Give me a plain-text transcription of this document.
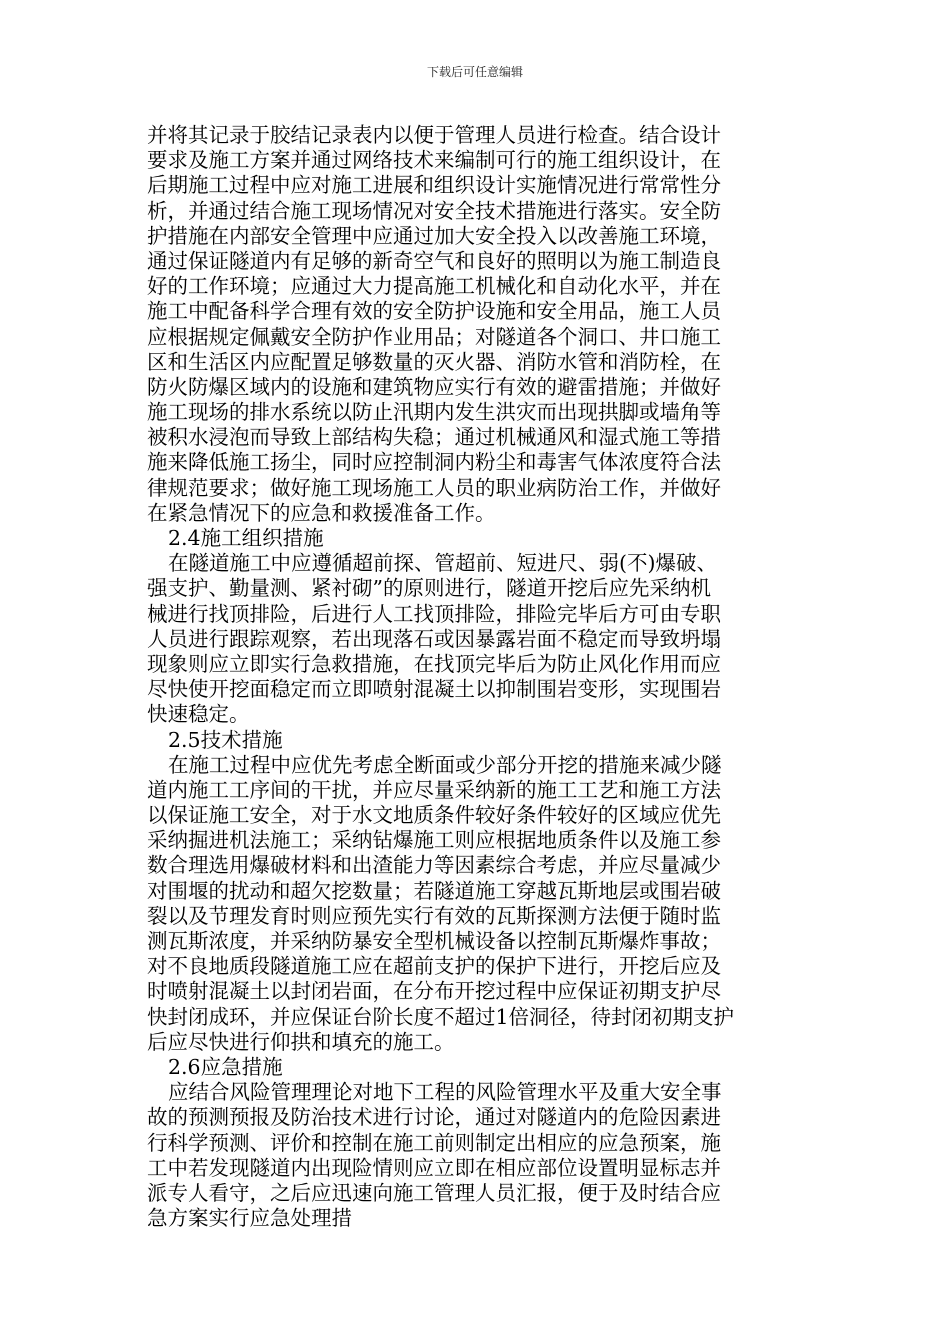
下载后可任意编辑
并将其记录于胶结记录表内以便于管理人员进行检查。结合设计
要求及施工方案并通过网络技术来编制可行的施工组织设计，在
后期施工过程中应对施工进展和组织设计实施情况进行常常性分
析，并通过结合施工现场情况对安全技术措施进行落实。安全防
护措施在内部安全管理中应通过加大安全投入以改善施工环境，
通过保证隧道内有足够的新奇空气和良好的照明以为施工制造良
好的工作环境；应通过大力提高施工机械化和自动化水平，并在
施工中配备科学合理有效的安全防护设施和安全用品，施工人员
应根据规定佩戴安全防护作业用品；对隧道各个洞口、井口施工
区和生活区内应配置足够数量的灭火器、消防水管和消防栓，在
防火防爆区域内的设施和建筑物应实行有效的避雷措施；并做好
施工现场的排水系统以防止汛期内发生洪灾而出现拱脚或墙角等
被积水浸泡而导致上部结构失稳；通过机械通风和湿式施工等措
施来降低施工扬尘，同时应控制洞内粉尘和毒害气体浓度符合法
律规范要求；做好施工现场施工人员的职业病防治工作，并做好
在紧急情况下的应急和救援准备工作。
2.4施工组织措施
在隧道施工中应遵循超前探、管超前、短进尺、弱(不)爆破、
强支护、勤量测、紧衬砌”的原则进行，隧道开挖后应先采纳机
械进行找顶排险，后进行人工找顶排险，排险完毕后方可由专职
人员进行跟踪观察，若出现落石或因暴露岩面不稳定而导致坍塌
现象则应立即实行急救措施，在找顶完毕后为防止风化作用而应
尽快使开挖面稳定而立即喷射混凝土以抑制围岩变形，实现围岩
快速稳定。
2.5技术措施
在施工过程中应优先考虑全断面或少部分开挖的措施来减少隧
道内施工工序间的干扰，并应尽量采纳新的施工工艺和施工方法
以保证施工安全，对于水文地质条件较好条件较好的区域应优先
采纳掘进机法施工；采纳钻爆施工则应根据地质条件以及施工参
数合理选用爆破材料和出渣能力等因素综合考虑，并应尽量减少
对围堰的扰动和超欠挖数量；若隧道施工穿越瓦斯地层或围岩破
裂以及节理发育时则应预先实行有效的瓦斯探测方法便于随时监
测瓦斯浓度，并采纳防暴安全型机械设备以控制瓦斯爆炸事故；
对不良地质段隧道施工应在超前支护的保护下进行，开挖后应及
时喷射混凝土以封闭岩面，在分布开挖过程中应保证初期支护尽
快封闭成环，并应保证台阶长度不超过1倍洞径，待封闭初期支护
后应尽快进行仰拱和填充的施工。
2.6应急措施
应结合风险管理理论对地下工程的风险管理水平及重大安全事
故的预测预报及防治技术进行讨论，通过对隧道内的危险因素进
行科学预测、评价和控制在施工前则制定出相应的应急预案，施
工中若发现隧道内出现险情则应立即在相应部位设置明显标志并
派专人看守，之后应迅速向施工管理人员汇报，便于及时结合应
急方案实行应急处理措
